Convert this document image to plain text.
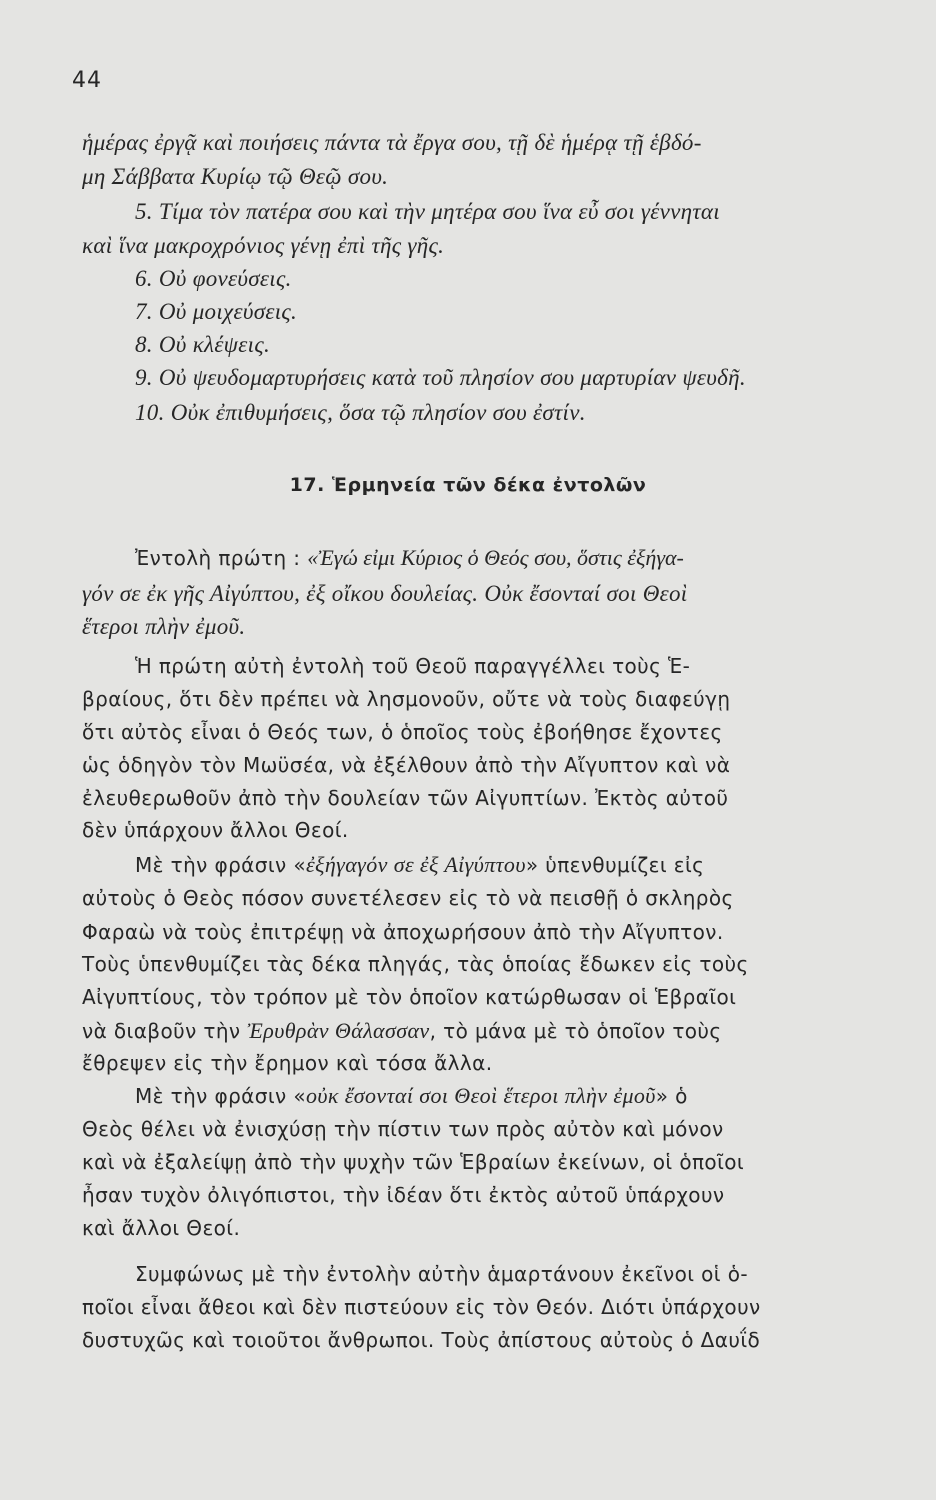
44
ἡμέρας ἐργᾷ καὶ ποιήσεις πάντα τὰ ἔργα σου, τῇ δὲ ἡμέρᾳ τῇ ἑβδό-
μη Σάββατα Κυρίῳ τῷ Θεῷ σου.
5. Τίμα τὸν πατέρα σου καὶ τὴν μητέρα σου ἵνα εὖ σοι γέννηται
καὶ ἵνα μακροχρόνιος γένῃ ἐπὶ τῆς γῆς.
6. Οὐ φονεύσεις.
7. Οὐ μοιχεύσεις.
8. Οὐ κλέψεις.
9. Οὐ ψευδομαρτυρήσεις κατὰ τοῦ πλησίον σου μαρτυρίαν ψευδῆ.
10. Οὐκ ἐπιθυμήσεις, ὅσα τῷ πλησίον σου ἐστίν.
17. Ἑρμηνεία τῶν δέκα ἐντολῶν
Ἐντολὴ πρώτη : «Ἐγώ εἰμι Κύριος ὁ Θεός σου, ὅστις ἐξήγα-
γόν σε ἐκ γῆς Αἰγύπτου, ἐξ οἴκου δουλείας. Οὐκ ἔσονταί σοι Θεοὶ
ἕτεροι πλὴν ἐμοῦ.
Ἡ πρώτη αὐτὴ ἐντολὴ τοῦ Θεοῦ παραγγέλλει τοὺς Ἑ-
βραίους, ὅτι δὲν πρέπει νὰ λησμονοῦν, οὔτε νὰ τοὺς διαφεύγῃ
ὅτι αὐτὸς εἶναι ὁ Θεός των, ὁ ὁποῖος τοὺς ἐβοήθησε ἔχοντες
ὡς ὁδηγὸν τὸν Μωϋσέα, νὰ ἐξέλθουν ἀπὸ τὴν Αἴγυπτον καὶ νὰ
ἐλευθερωθοῦν ἀπὸ τὴν δουλείαν τῶν Αἰγυπτίων. Ἐκτὸς αὐτοῦ
δὲν ὑπάρχουν ἄλλοι Θεοί.
Μὲ τὴν φράσιν «ἐξήγαγόν σε ἐξ Αἰγύπτου» ὑπενθυμίζει εἰς
αὐτοὺς ὁ Θεὸς πόσον συνετέλεσεν εἰς τὸ νὰ πεισθῇ ὁ σκληρὸς
Φαραὼ νὰ τοὺς ἐπιτρέψῃ νὰ ἀποχωρήσουν ἀπὸ τὴν Αἴγυπτον.
Τοὺς ὑπενθυμίζει τὰς δέκα πληγάς, τὰς ὁποίας ἔδωκεν εἰς τοὺς
Αἰγυπτίους, τὸν τρόπον μὲ τὸν ὁποῖον κατώρθωσαν οἱ Ἑβραῖοι
νὰ διαβοῦν τὴν Ἐρυθρὰν Θάλασσαν, τὸ μάνα μὲ τὸ ὁποῖον τοὺς
ἔθρεψεν εἰς τὴν ἔρημον καὶ τόσα ἄλλα.
Μὲ τὴν φράσιν «οὐκ ἔσονταί σοι Θεοὶ ἕτεροι πλὴν ἐμοῦ» ὁ
Θεὸς θέλει νὰ ἐνισχύσῃ τὴν πίστιν των πρὸς αὐτὸν καὶ μόνον
καὶ νὰ ἐξαλείψῃ ἀπὸ τὴν ψυχὴν τῶν Ἑβραίων ἐκείνων, οἱ ὁποῖοι
ἦσαν τυχὸν ὀλιγόπιστοι, τὴν ἰδέαν ὅτι ἐκτὸς αὐτοῦ ὑπάρχουν
καὶ ἄλλοι Θεοί.
Συμφώνως μὲ τὴν ἐντολὴν αὐτὴν ἁμαρτάνουν ἐκεῖνοι οἱ ὁ-
ποῖοι εἶναι ἄθεοι καὶ δὲν πιστεύουν εἰς τὸν Θεόν. Διότι ὑπάρχουν
δυστυχῶς καὶ τοιοῦτοι ἄνθρωποι. Τοὺς ἀπίστους αὐτοὺς ὁ Δαυΐδ
